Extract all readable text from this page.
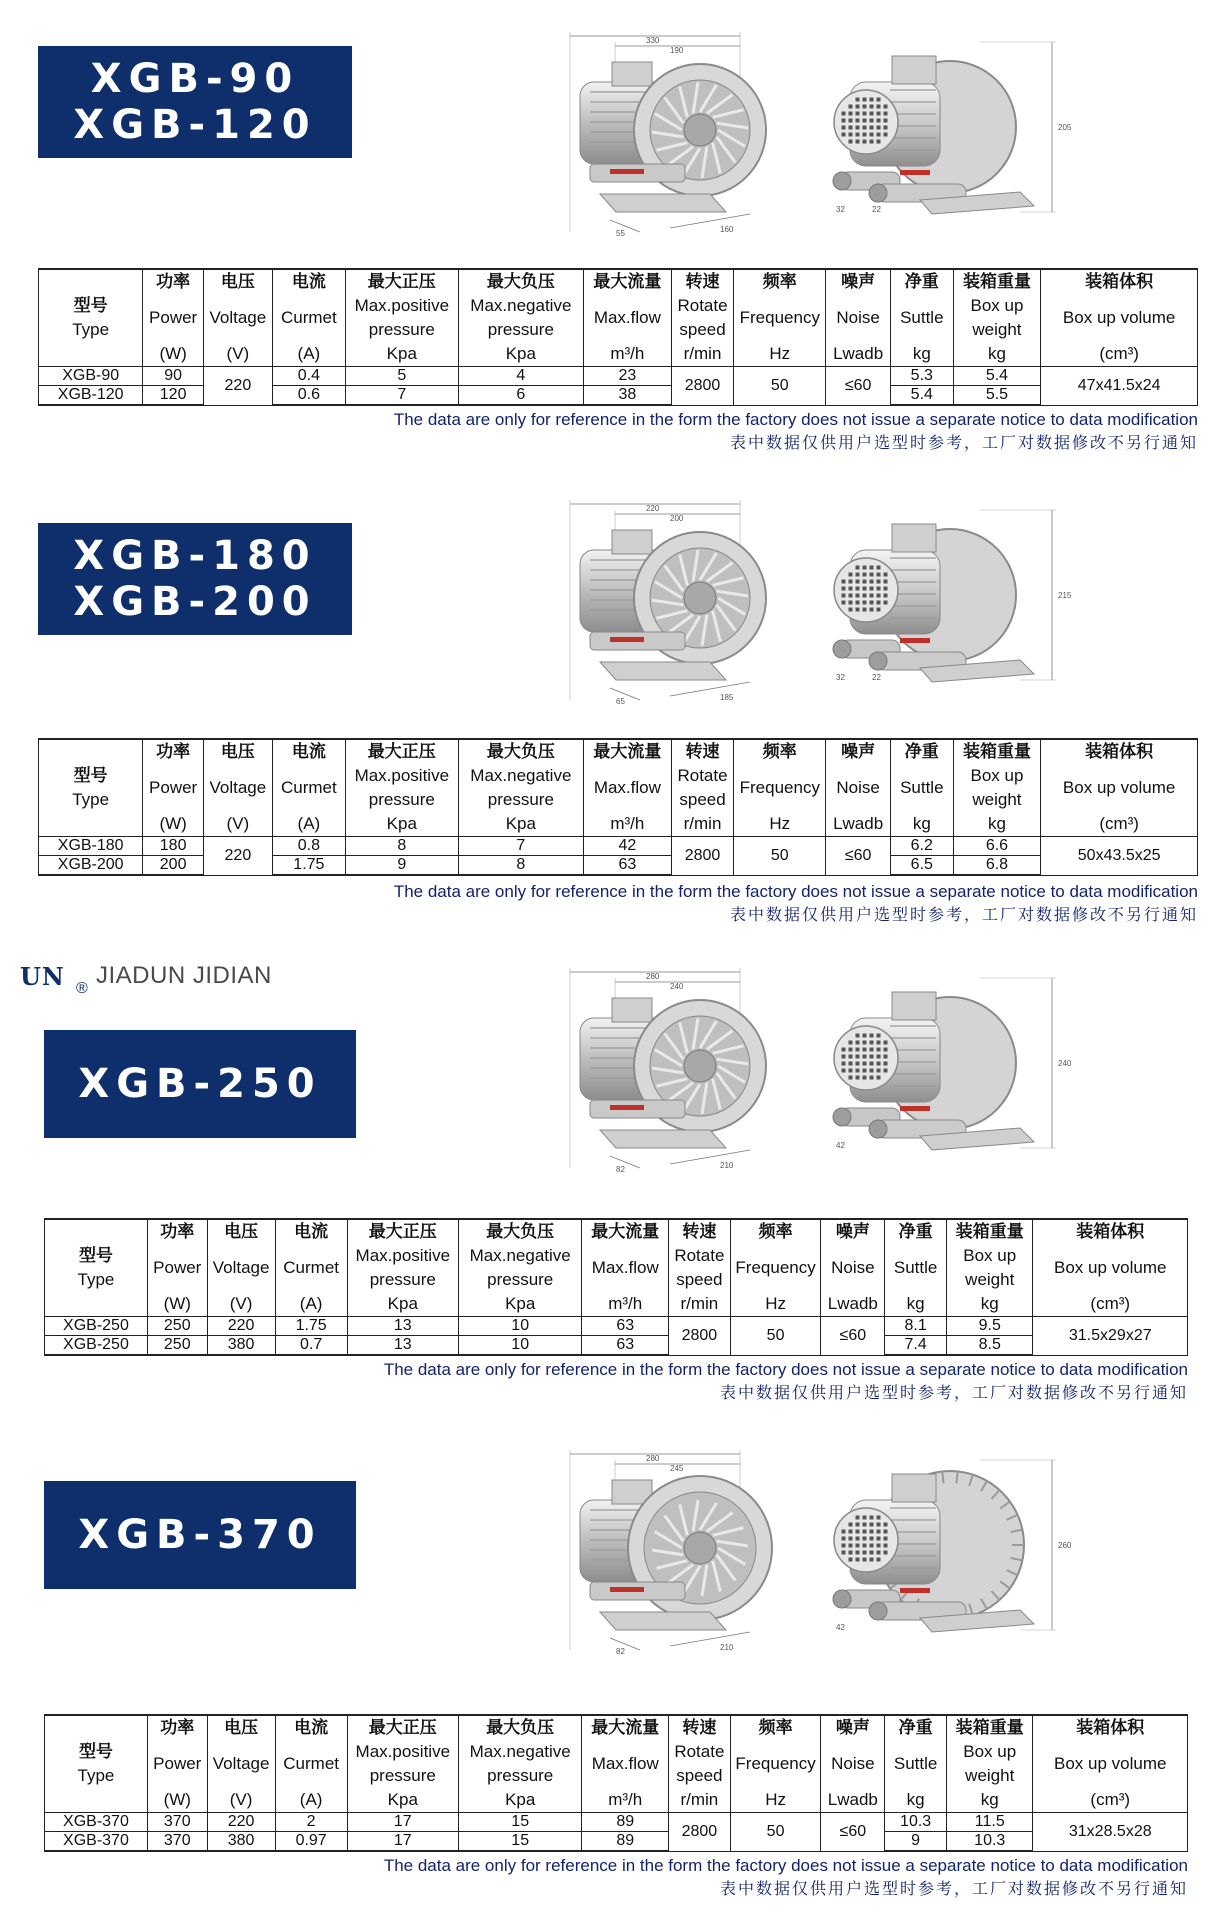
UN ® JIADUN JIDIAN
XGB-90
XGB-120
330
190
55	160
205
32	22
型号
Type	功率	电压	电流	最大正压	最大负压	最大流量	转速	频率	噪声	净重	装箱重量	装箱体积
	Power	Voltage	Curmet	Max.positive	Max.negative	Max.flow	Rotate	Frequency	Noise	Suttle	Box up	Box up volume
				pressure	pressure		speed				weight	
	(W)	(V)	(A)	Kpa	Kpa	m³/h	r/min	Hz	Lwadb	kg	kg	(cm³)
XGB-90	90	220	0.4	5	4	23	2800	50	≤60	5.3	5.4	47x41.5x24
XGB-120	120		0.6	7	6	38				5.4	5.5	
The data are only for reference in the form the factory does not issue a separate notice to data modification
表中数据仅供用户选型时参考，工厂对数据修改不另行通知
XGB-180
XGB-200
220
200
65	185
215
32	22
型号
Type	功率	电压	电流	最大正压	最大负压	最大流量	转速	频率	噪声	净重	装箱重量	装箱体积
	Power	Voltage	Curmet	Max.positive	Max.negative	Max.flow	Rotate	Frequency	Noise	Suttle	Box up	Box up volume
				pressure	pressure		speed				weight	
	(W)	(V)	(A)	Kpa	Kpa	m³/h	r/min	Hz	Lwadb	kg	kg	(cm³)
XGB-180	180	220	0.8	8	7	42	2800	50	≤60	6.2	6.6	50x43.5x25
XGB-200	200		1.75	9	8	63				6.5	6.8	
The data are only for reference in the form the factory does not issue a separate notice to data modification
表中数据仅供用户选型时参考，工厂对数据修改不另行通知
XGB-250
280
240
82	210
240
42
型号
Type	功率	电压	电流	最大正压	最大负压	最大流量	转速	频率	噪声	净重	装箱重量	装箱体积
	Power	Voltage	Curmet	Max.positive	Max.negative	Max.flow	Rotate	Frequency	Noise	Suttle	Box up	Box up volume
				pressure	pressure		speed				weight	
	(W)	(V)	(A)	Kpa	Kpa	m³/h	r/min	Hz	Lwadb	kg	kg	(cm³)
XGB-250	250	220	1.75	13	10	63	2800	50	≤60	8.1	9.5	31.5x29x27
XGB-250	250	380	0.7	13	10	63				7.4	8.5	
The data are only for reference in the form the factory does not issue a separate notice to data modification
表中数据仅供用户选型时参考，工厂对数据修改不另行通知
XGB-370
280
245
82	210
260
42
型号
Type	功率	电压	电流	最大正压	最大负压	最大流量	转速	频率	噪声	净重	装箱重量	装箱体积
	Power	Voltage	Curmet	Max.positive	Max.negative	Max.flow	Rotate	Frequency	Noise	Suttle	Box up	Box up volume
				pressure	pressure		speed				weight	
	(W)	(V)	(A)	Kpa	Kpa	m³/h	r/min	Hz	Lwadb	kg	kg	(cm³)
XGB-370	370	220	2	17	15	89	2800	50	≤60	10.3	11.5	31x28.5x28
XGB-370	370	380	0.97	17	15	89				9	10.3	
The data are only for reference in the form the factory does not issue a separate notice to data modification
表中数据仅供用户选型时参考，工厂对数据修改不另行通知
